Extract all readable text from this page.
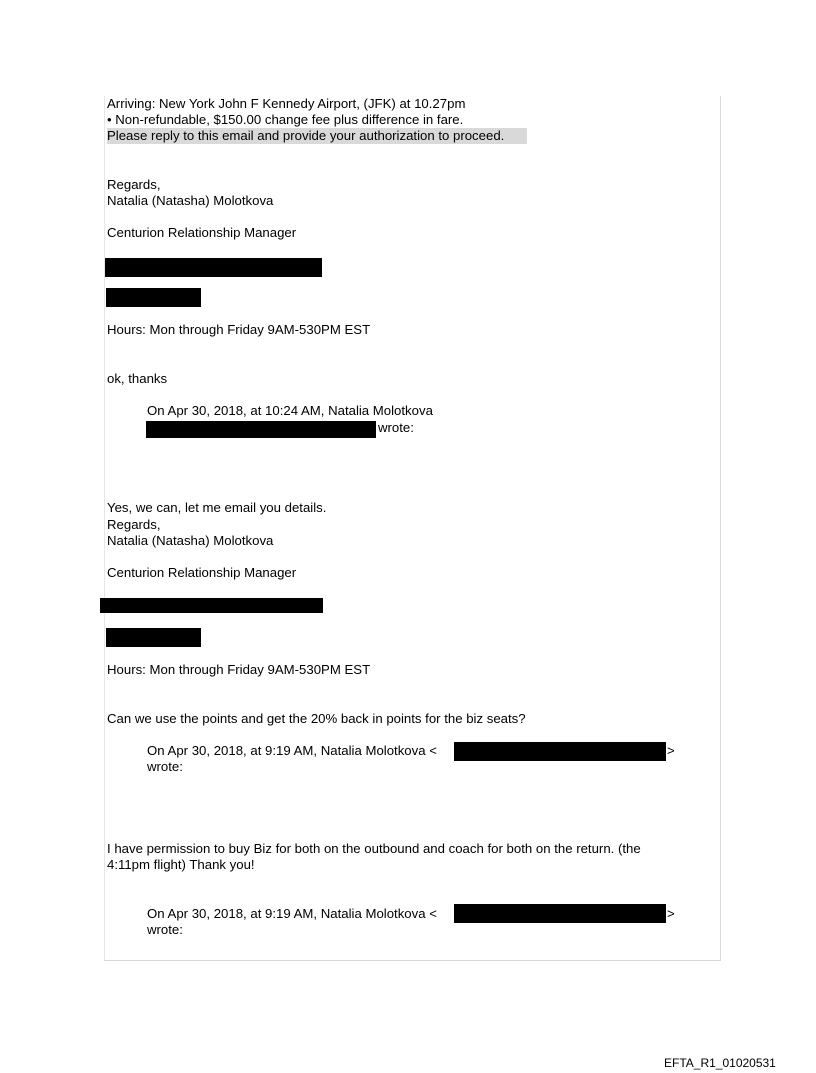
Arriving: New York John F Kennedy Airport, (JFK) at 10.27pm
• Non-refundable, $150.00 change fee plus difference in fare.
Please reply to this email and provide your authorization to proceed.
Regards,
Natalia (Natasha) Molotkova
Centurion Relationship Manager
Hours: Mon through Friday 9AM-530PM EST
ok, thanks
On Apr 30, 2018, at 10:24 AM, Natalia Molotkova
wrote:
Yes, we can, let me email you details.
Regards,
Natalia (Natasha) Molotkova
Centurion Relationship Manager
Hours: Mon through Friday 9AM-530PM EST
Can we use the points and get the 20% back in points for the biz seats?
On Apr 30, 2018, at 9:19 AM, Natalia Molotkova <	>
wrote:
I have permission to buy Biz for both on the outbound and coach for both on the return. (the
4:11pm flight) Thank you!
On Apr 30, 2018, at 9:19 AM, Natalia Molotkova <	>
wrote:
EFTA_R1_01020531
